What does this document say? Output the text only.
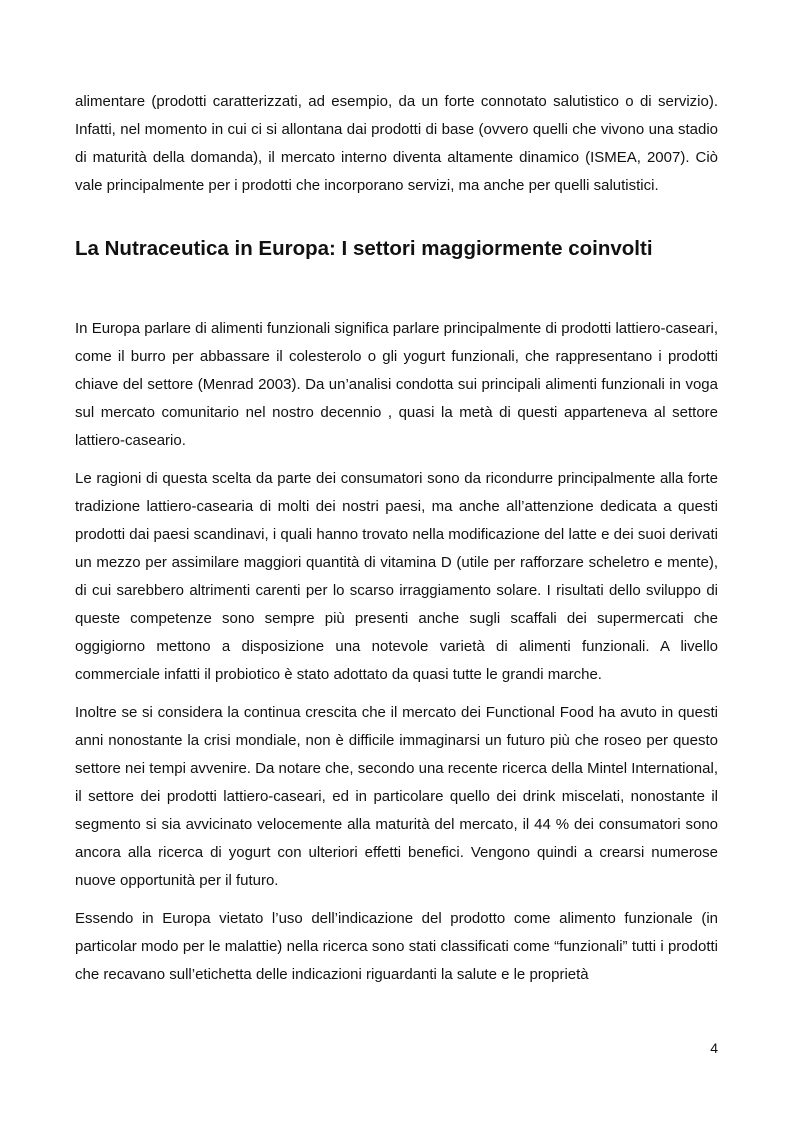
alimentare (prodotti caratterizzati, ad esempio, da un forte connotato salutistico o di servizio). Infatti, nel momento in cui ci si allontana dai prodotti di base (ovvero quelli che vivono una stadio di maturità della domanda), il mercato interno diventa altamente dinamico (ISMEA, 2007). Ciò vale principalmente per i prodotti che incorporano servizi, ma anche per quelli salutistici.

La Nutraceutica in Europa: I settori maggiormente coinvolti

In Europa parlare di alimenti funzionali significa parlare principalmente di prodotti lattiero-caseari, come il burro per abbassare il colesterolo o gli yogurt funzionali, che rappresentano i prodotti chiave del settore (Menrad 2003). Da un’analisi condotta sui principali alimenti funzionali in voga sul mercato comunitario nel nostro decennio , quasi la metà di questi apparteneva al settore lattiero-caseario.

Le ragioni di questa scelta da parte dei consumatori sono da ricondurre principalmente alla forte tradizione lattiero-casearia di molti dei nostri paesi, ma anche all’attenzione dedicata a questi prodotti dai paesi scandinavi, i quali hanno trovato nella modificazione del latte e dei suoi derivati un mezzo per assimilare maggiori quantità di vitamina D (utile per rafforzare scheletro e mente), di cui sarebbero altrimenti carenti per lo scarso irraggiamento solare. I risultati dello sviluppo di queste competenze sono sempre più presenti anche sugli scaffali dei supermercati che oggigiorno mettono a disposizione una notevole varietà di alimenti funzionali. A livello commerciale infatti il probiotico è stato adottato da quasi tutte le grandi marche.

Inoltre se si considera la continua crescita che il mercato dei Functional Food ha avuto in questi anni nonostante la crisi mondiale, non è difficile immaginarsi un futuro più che roseo per questo settore nei tempi avvenire. Da notare che, secondo una recente ricerca della Mintel International, il settore dei prodotti lattiero-caseari, ed in particolare quello dei drink miscelati, nonostante il segmento si sia avvicinato velocemente alla maturità del mercato, il 44 % dei consumatori sono ancora alla ricerca di yogurt con ulteriori effetti benefici. Vengono quindi a crearsi numerose nuove opportunità per il futuro.

Essendo in Europa vietato l’uso dell’indicazione del prodotto come alimento funzionale (in particolar modo per le malattie) nella ricerca sono stati classificati come “funzionali” tutti i prodotti che recavano sull’etichetta delle indicazioni riguardanti la salute e le proprietà

4
